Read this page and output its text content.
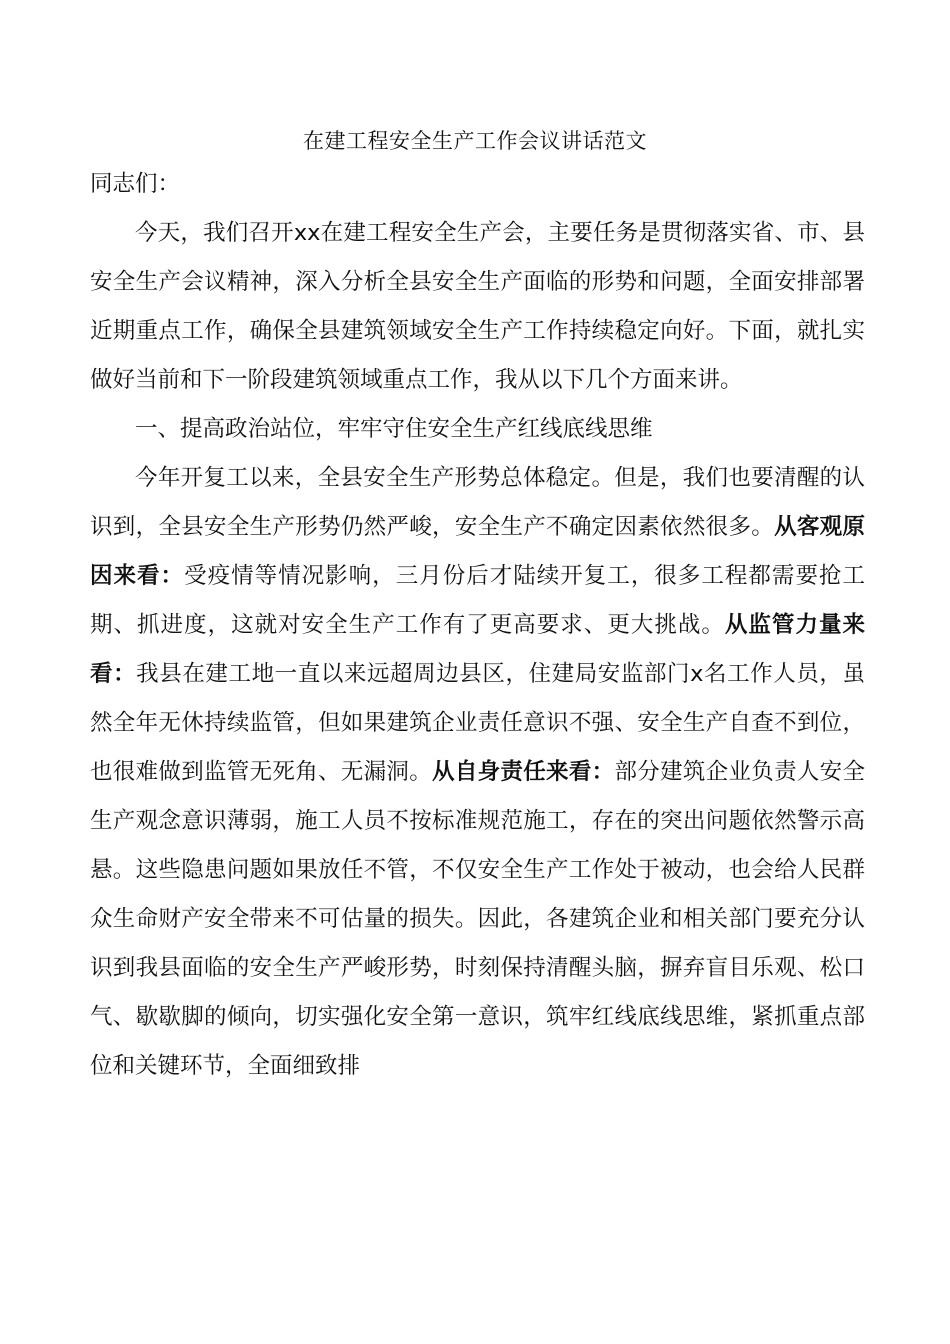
在建工程安全生产工作会议讲话范文

同志们：

今天，我们召开xx在建工程安全生产会，主要任务是贯彻落实省、市、县安全生产会议精神，深入分析全县安全生产面临的形势和问题，全面安排部署近期重点工作，确保全县建筑领域安全生产工作持续稳定向好。下面，就扎实做好当前和下一阶段建筑领域重点工作，我从以下几个方面来讲。

一、提高政治站位，牢牢守住安全生产红线底线思维

今年开复工以来，全县安全生产形势总体稳定。但是，我们也要清醒的认识到，全县安全生产形势仍然严峻，安全生产不确定因素依然很多。从客观原因来看：受疫情等情况影响，三月份后才陆续开复工，很多工程都需要抢工期、抓进度，这就对安全生产工作有了更高要求、更大挑战。从监管力量来看：我县在建工地一直以来远超周边县区，住建局安监部门x名工作人员，虽然全年无休持续监管，但如果建筑企业责任意识不强、安全生产自查不到位，也很难做到监管无死角、无漏洞。从自身责任来看：部分建筑企业负责人安全生产观念意识薄弱，施工人员不按标准规范施工，存在的突出问题依然警示高悬。这些隐患问题如果放任不管，不仅安全生产工作处于被动，也会给人民群众生命财产安全带来不可估量的损失。因此，各建筑企业和相关部门要充分认识到我县面临的安全生产严峻形势，时刻保持清醒头脑，摒弃盲目乐观、松口气、歇歇脚的倾向，切实强化安全第一意识，筑牢红线底线思维，紧抓重点部位和关键环节，全面细致排
